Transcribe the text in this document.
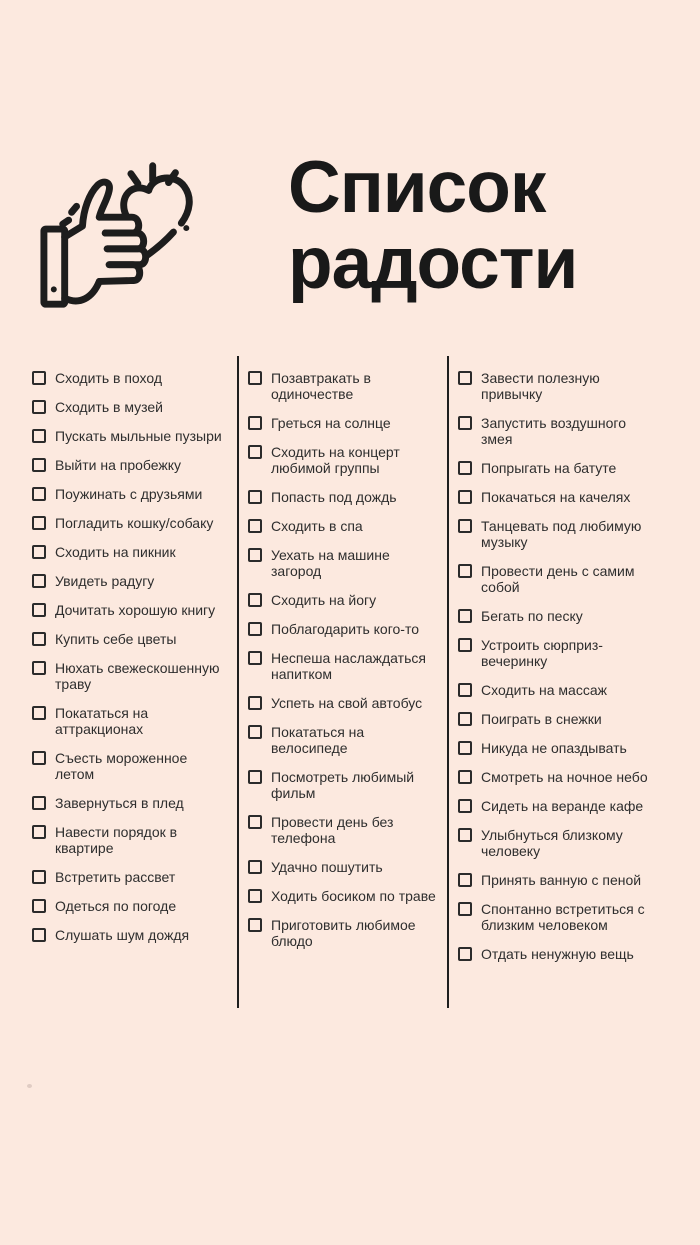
Список
радости
Сходить в поход
Сходить в музей
Пускать мыльные пузыри
Выйти на пробежку
Поужинать с друзьями
Погладить кошку/собаку
Сходить на пикник
Увидеть радугу
Дочитать хорошую книгу
Купить себе цветы
Нюхать свежескошенную
траву
Покататься на
аттракционах
Съесть мороженное
летом
Завернуться в плед
Навести порядок в
квартире
Встретить рассвет
Одеться по погоде
Слушать шум дождя
Позавтракать в
одиночестве
Греться на солнце
Сходить на концерт
любимой группы
Попасть под дождь
Сходить в спа
Уехать на машине
загород
Сходить на йогу
Поблагодарить кого-то
Неспеша наслаждаться
напитком
Успеть на свой автобус
Покататься на
велосипеде
Посмотреть любимый
фильм
Провести день без
телефона
Удачно пошутить
Ходить босиком по траве
Приготовить любимое
блюдо
Завести полезную
привычку
Запустить воздушного
змея
Попрыгать на батуте
Покачаться на качелях
Танцевать под любимую
музыку
Провести день с самим
собой
Бегать по песку
Устроить сюрприз-
вечеринку
Сходить на массаж
Поиграть в снежки
Никуда не опаздывать
Смотреть на ночное небо
Сидеть на веранде кафе
Улыбнуться близкому
человеку
Принять ванную с пеной
Спонтанно встретиться с
близким человеком
Отдать ненужную вещь
